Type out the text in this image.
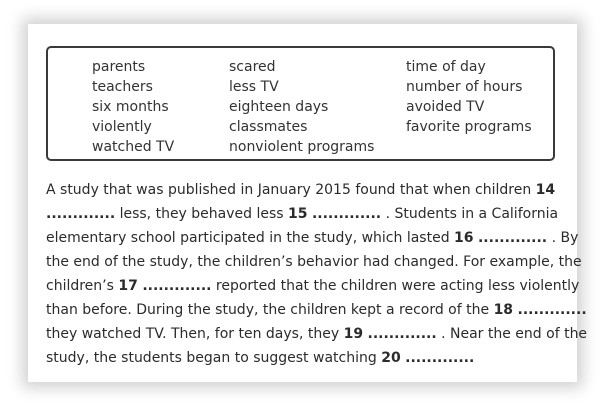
parents
teachers
six months
violently
watched TV
scared
less TV
eighteen days
classmates
nonviolent programs
time of day
number of hours
avoided TV
favorite programs
A study that was published in January 2015 found that when children 14
............. less, they behaved less 15 ............. . Students in a California
elementary school participated in the study, which lasted 16 ............. . By
the end of the study, the children’s behavior had changed. For example, the
children’s 17 ............. reported that the children were acting less violently
than before. During the study, the children kept a record of the 18 .............
they watched TV. Then, for ten days, they 19 ............. . Near the end of the
study, the students began to suggest watching 20 .............
